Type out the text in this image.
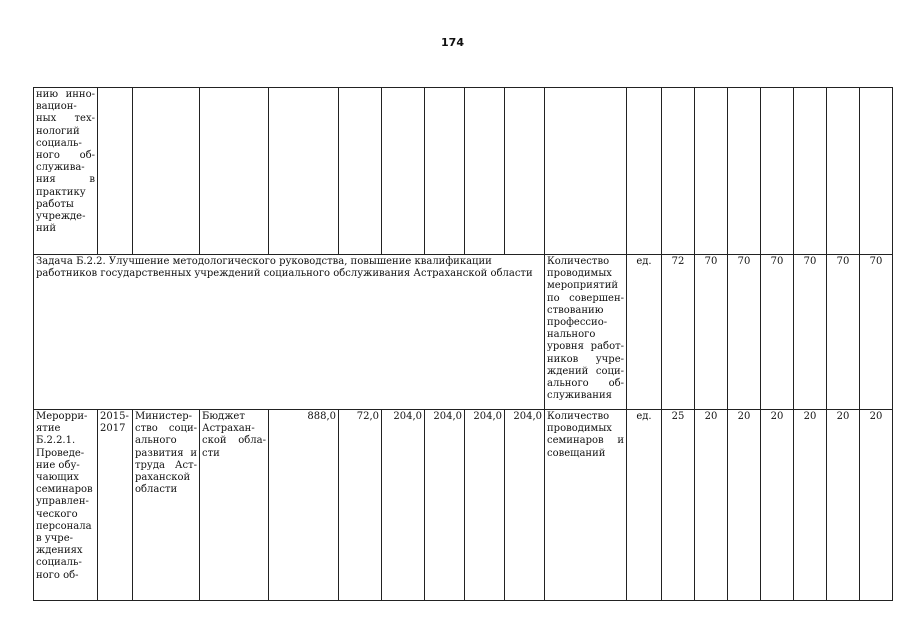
174
нию инно-вацион-ных тех-нологий социаль-ного об-служива-ния в практику работы учрежде-ний																		
Задача Б.2.2. Улучшение методологического руководства, повышение квалификации работников государственных учреждений социального обслуживания Астраханской области										Количество проводимых мероприятий по совершен-ствованию профессио-нального уровня работ-ников учре-ждений соци-ального об-служивания	ед.	72	70	70	70	70	70	70
Мероpри-ятие Б.2.2.1. Проведе-ние обу-чающих семинаров управлен-ческого персонала в учре-ждениях социаль-ного об-	2015-2017	Министер-ство соци-ального развития и труда Аст-раханской области	Бюджет Астрахан-ской обла-сти	888,0	72,0	204,0	204,0	204,0	204,0	Количество проводимых семинаров и совещаний	ед.	25	20	20	20	20	20	20
